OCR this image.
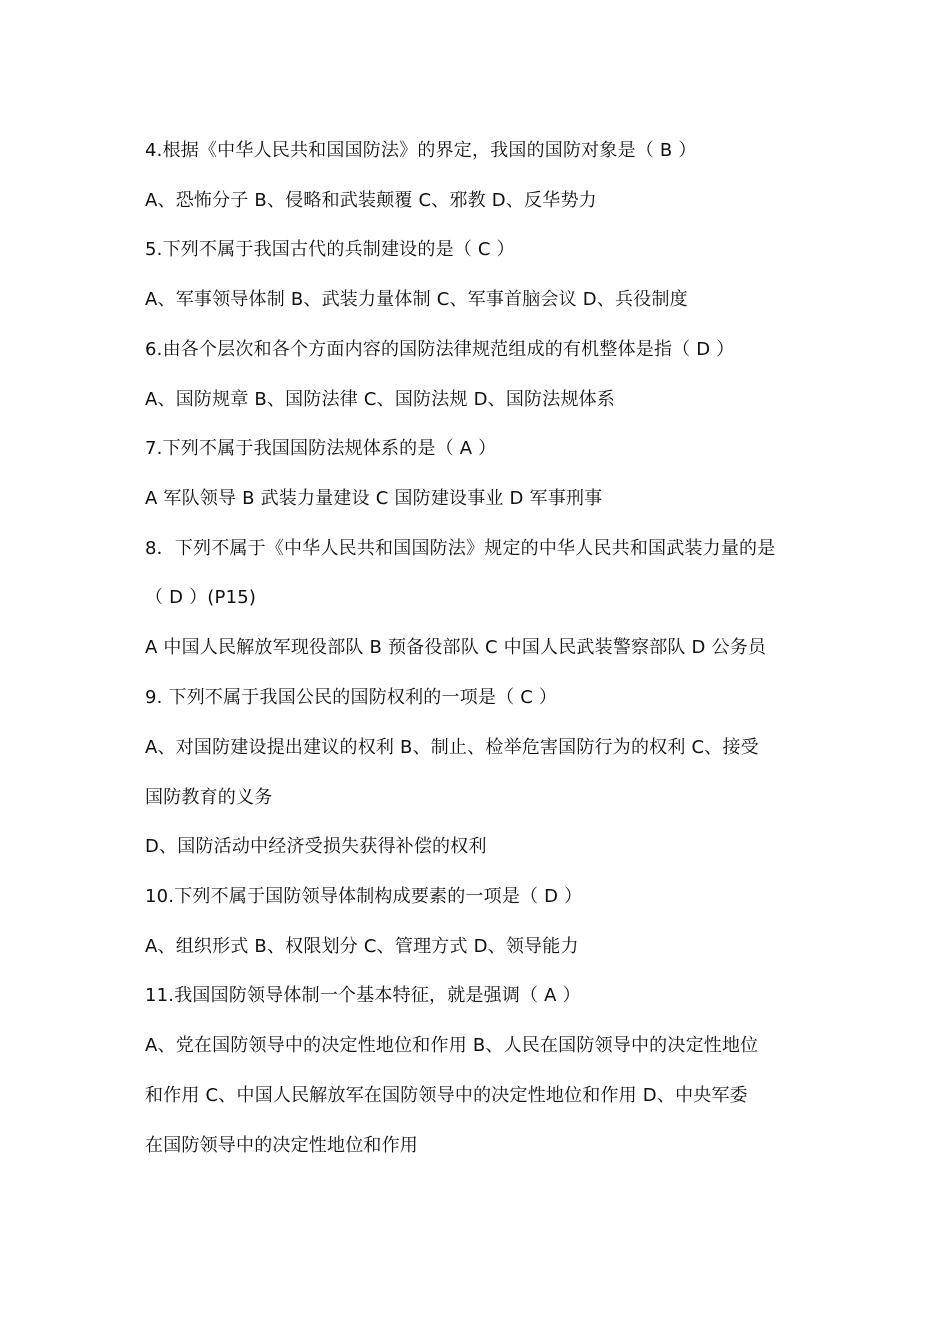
4.根据《中华人民共和国国防法》的界定，我国的国防对象是（ B ）
A、恐怖分子 B、侵略和武装颠覆 C、邪教 D、反华势力
5.下列不属于我国古代的兵制建设的是（ C ）
A、军事领导体制 B、武装力量体制 C、军事首脑会议 D、兵役制度
6.由各个层次和各个方面内容的国防法律规范组成的有机整体是指（ D ）
A、国防规章 B、国防法律 C、国防法规 D、国防法规体系
7.下列不属于我国国防法规体系的是（ A ）
A 军队领导 B 武装力量建设 C 国防建设事业 D 军事刑事
8．下列不属于《中华人民共和国国防法》规定的中华人民共和国武装力量的是
（ D ）(P15)
A 中国人民解放军现役部队 B 预备役部队 C 中国人民武装警察部队 D 公务员
9. 下列不属于我国公民的国防权利的一项是（ C ）
A、对国防建设提出建议的权利 B、制止、检举危害国防行为的权利 C、接受
国防教育的义务
D、国防活动中经济受损失获得补偿的权利
10.下列不属于国防领导体制构成要素的一项是（ D ）
A、组织形式 B、权限划分 C、管理方式 D、领导能力
11.我国国防领导体制一个基本特征，就是强调（ A ）
A、党在国防领导中的决定性地位和作用 B、人民在国防领导中的决定性地位
和作用 C、中国人民解放军在国防领导中的决定性地位和作用 D、中央军委
在国防领导中的决定性地位和作用
